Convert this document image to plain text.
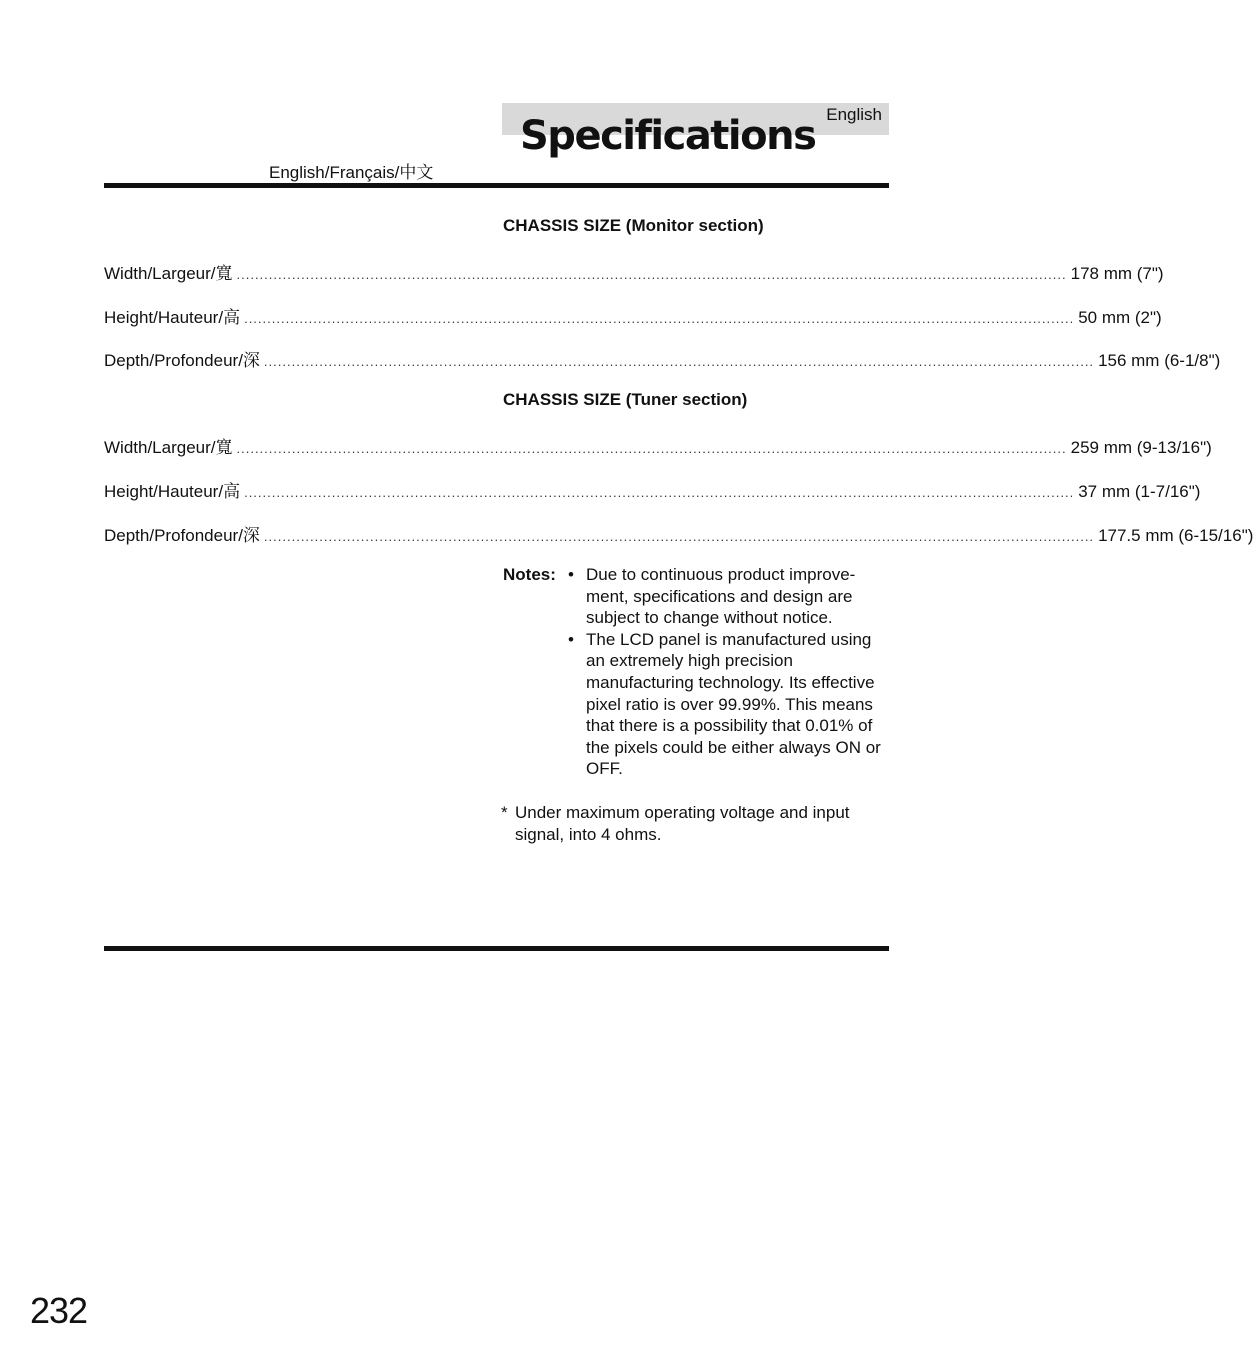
English
Specifications
English/Français/中文
CHASSIS SIZE (Monitor section)
Width/Largeur/寬 .................................................................................................................................................................................... 178 mm (7")
Height/Hauteur/高 .................................................................................................................................................................................... 50 mm (2")
Depth/Profondeur/深 .................................................................................................................................................................................... 156 mm (6-1/8")
CHASSIS SIZE (Tuner section)
Width/Largeur/寬 .................................................................................................................................................................................... 259 mm (9-13/16")
Height/Hauteur/高 .................................................................................................................................................................................... 37 mm (1-7/16")
Depth/Profondeur/深 .................................................................................................................................................................................... 177.5 mm (6-15/16")
Notes: • Due to continuous product improve-ment, specifications and design are subject to change without notice.
• The LCD panel is manufactured using an extremely high precision manufacturing technology. Its effective pixel ratio is over 99.99%. This means that there is a possibility that 0.01% of the pixels could be either always ON or OFF.
* Under maximum operating voltage and input signal, into 4 ohms.
232
